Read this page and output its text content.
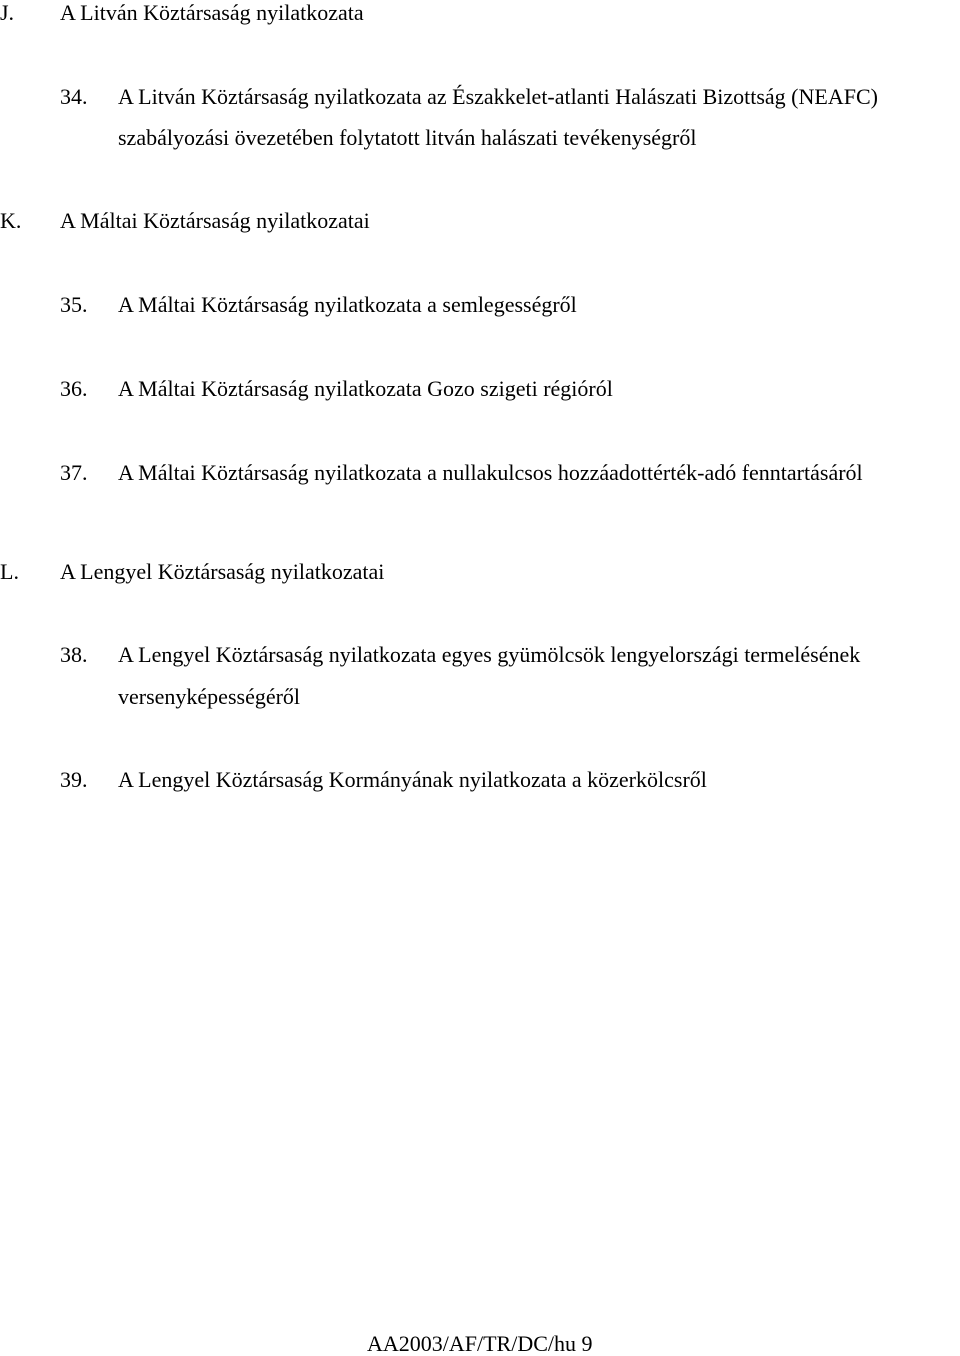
J. A Litván Köztársaság nyilatkozata
34. A Litván Köztársaság nyilatkozata az Északkelet-atlanti Halászati Bizottság (NEAFC)
szabályozási övezetében folytatott litván halászati tevékenységről
K. A Máltai Köztársaság nyilatkozatai
35. A Máltai Köztársaság nyilatkozata a semlegességről
36. A Máltai Köztársaság nyilatkozata Gozo szigeti régióról
37. A Máltai Köztársaság nyilatkozata a nullakulcsos hozzáadottérték-adó fenntartásáról
L. A Lengyel Köztársaság nyilatkozatai
38. A Lengyel Köztársaság nyilatkozata egyes gyümölcsök lengyelországi termelésének
versenyképességéről
39. A Lengyel Köztársaság Kormányának nyilatkozata a közerkölcsről
AA2003/AF/TR/DC/hu 9
